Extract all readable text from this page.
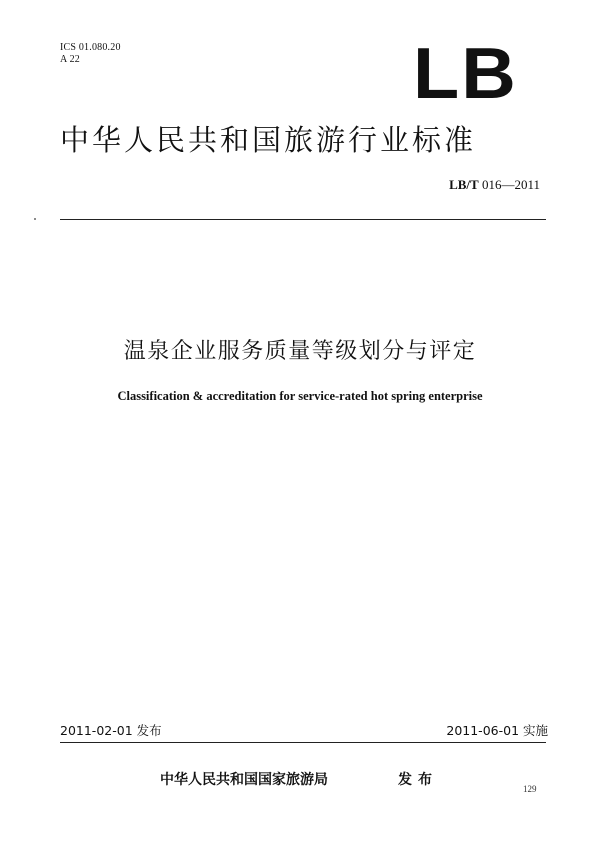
ICS 01.080.20
A 22	LB
中华人民共和国旅游行业标准
LB/T 016—2011
温泉企业服务质量等级划分与评定
Classification & accreditation for service-rated hot spring enterprise
2011-02-01 发布	2011-06-01 实施
中华人民共和国国家旅游局	发布
129
